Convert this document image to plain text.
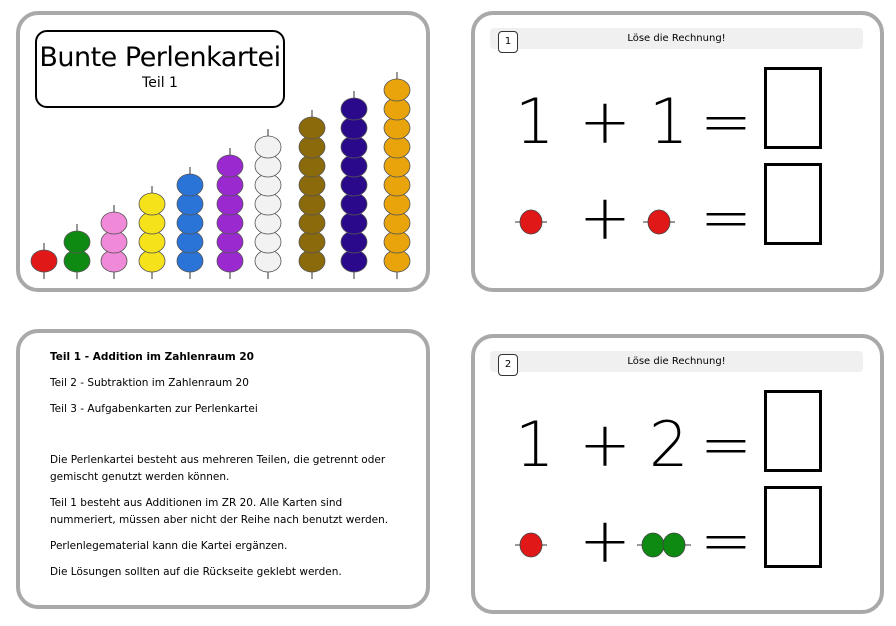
Bunte Perlenkartei
Teil 1
1	Löse die Rechnung!
1 + 1 =
+ =

Teil 1 - Addition im Zahlenraum 20

Teil 2 - Subtraktion im Zahlenraum 20

Teil 3 - Aufgabenkarten zur Perlenkartei

Die Perlenkartei besteht aus mehreren Teilen, die getrennt oder gemischt genutzt werden können.

Teil 1 besteht aus Additionen im ZR 20. Alle Karten sind nummeriert, müssen aber nicht der Reihe nach benutzt werden.

Perlenlegematerial kann die Kartei ergänzen.

Die Lösungen sollten auf die Rückseite geklebt werden.

2	Löse die Rechnung!
1 + 2 =
+ =
